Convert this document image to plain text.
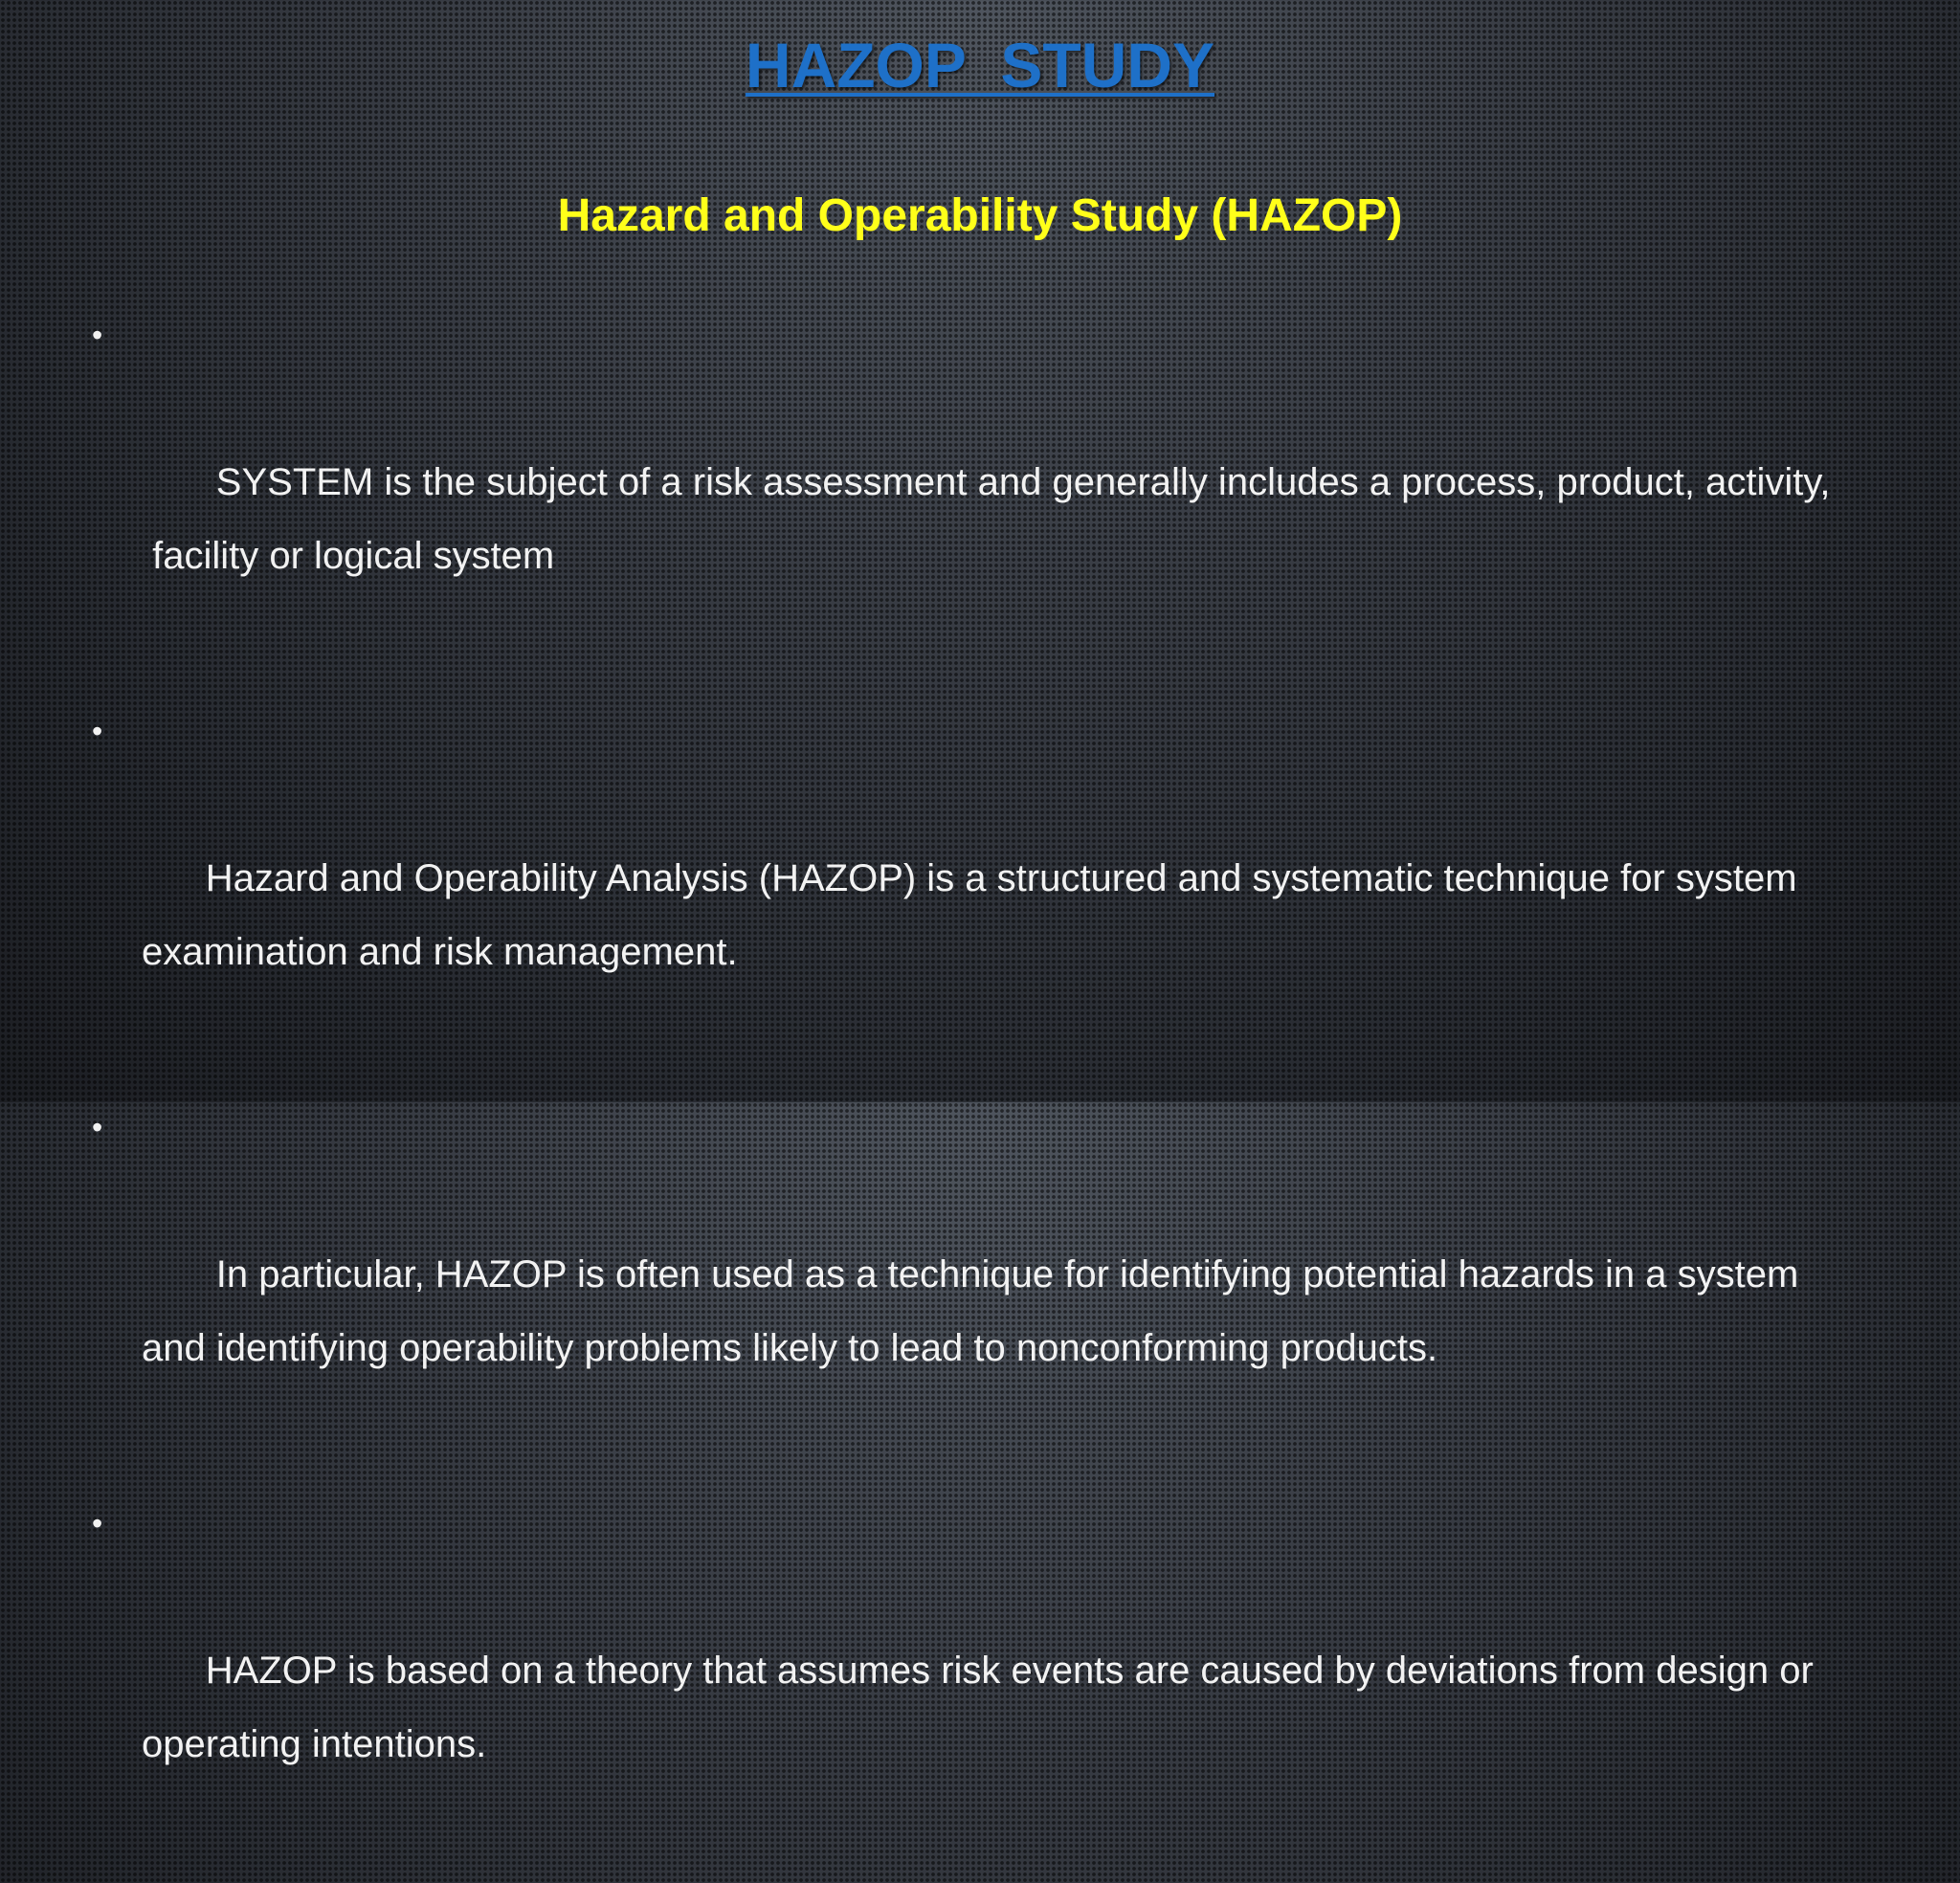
HAZOP  STUDY
Hazard and Operability Study (HAZOP)

•

SYSTEM is the subject of a risk assessment and generally includes a process, product, activity,
facility or logical system

•

Hazard and Operability Analysis (HAZOP) is a structured and systematic technique for system
examination and risk management.

•

In particular, HAZOP is often used as a technique for identifying potential hazards in a system
and identifying operability problems likely to lead to nonconforming products.

•

HAZOP is based on a theory that assumes risk events are caused by deviations from design or
operating intentions.
